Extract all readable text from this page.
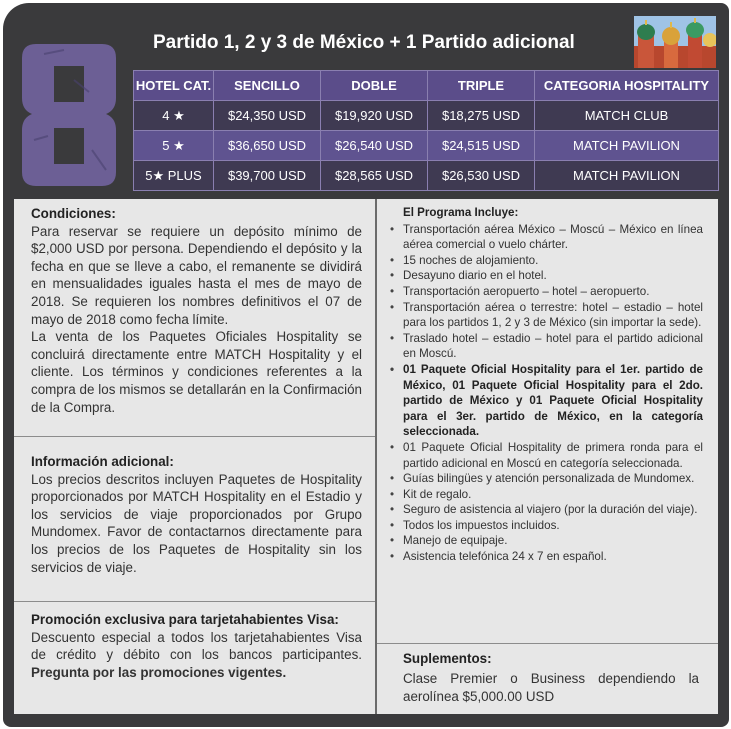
Partido 1, 2 y 3 de México + 1 Partido adicional
HOTEL CAT.	SENCILLO	DOBLE	TRIPLE	CATEGORIA HOSPITALITY
4 ★	$24,350 USD	$19,920 USD	$18,275 USD	MATCH CLUB
5 ★	$36,650 USD	$26,540 USD	$24,515 USD	MATCH PAVILION
5★ PLUS	$39,700 USD	$28,565 USD	$26,530 USD	MATCH PAVILION
Condiciones:

Para reservar se requiere un depósito mínimo de $2,000 USD por persona. Dependiendo el depósito y la fecha en que se lleve a cabo, el remanente se dividirá en mensualidades iguales hasta el mes de mayo de 2018. Se requieren los nombres definitivos el 07 de mayo de 2018 como fecha límite.

La venta de los Paquetes Oficiales Hospitality se concluirá directamente entre MATCH Hospitality y el cliente. Los términos y condiciones referentes a la compra de los mismos se detallarán en la Confirmación de la Compra.

Información adicional:

Los precios descritos incluyen Paquetes de Hospitality proporcionados por MATCH Hospitality en el Estadio y los servicios de viaje proporcionados por Grupo Mundomex. Favor de contactarnos directamente para los precios de los Paquetes de Hospitality sin los servicios de viaje.

Promoción exclusiva para tarjetahabientes Visa:

Descuento especial a todos los tarjetahabientes Visa de crédito y débito con los bancos participantes. Pregunta por las promociones vigentes.

El Programa Incluye:
• Transportación aérea México – Moscú – México en línea aérea comercial o vuelo chárter.
• 15 noches de alojamiento.
• Desayuno diario en el hotel.
• Transportación aeropuerto – hotel – aeropuerto.
• Transportación aérea o terrestre: hotel – estadio – hotel para los partidos 1, 2 y 3 de México (sin importar la sede).
• Traslado hotel – estadio – hotel para el partido adicional en Moscú.
• 01 Paquete Oficial Hospitality para el 1er. partido de México, 01 Paquete Oficial Hospitality para el 2do. partido de México y 01 Paquete Oficial Hospitality para el 3er. partido de México, en la categoría seleccionada.
• 01 Paquete Oficial Hospitality de primera ronda para el partido adicional en Moscú en categoría seleccionada.
• Guías bilingües y atención personalizada de Mundomex.
• Kit de regalo.
• Seguro de asistencia al viajero (por la duración del viaje).
• Todos los impuestos incluidos.
• Manejo de equipaje.
• Asistencia telefónica 24 x 7 en español.
Suplementos:

Clase Premier o Business dependiendo la aerolínea $5,000.00 USD
